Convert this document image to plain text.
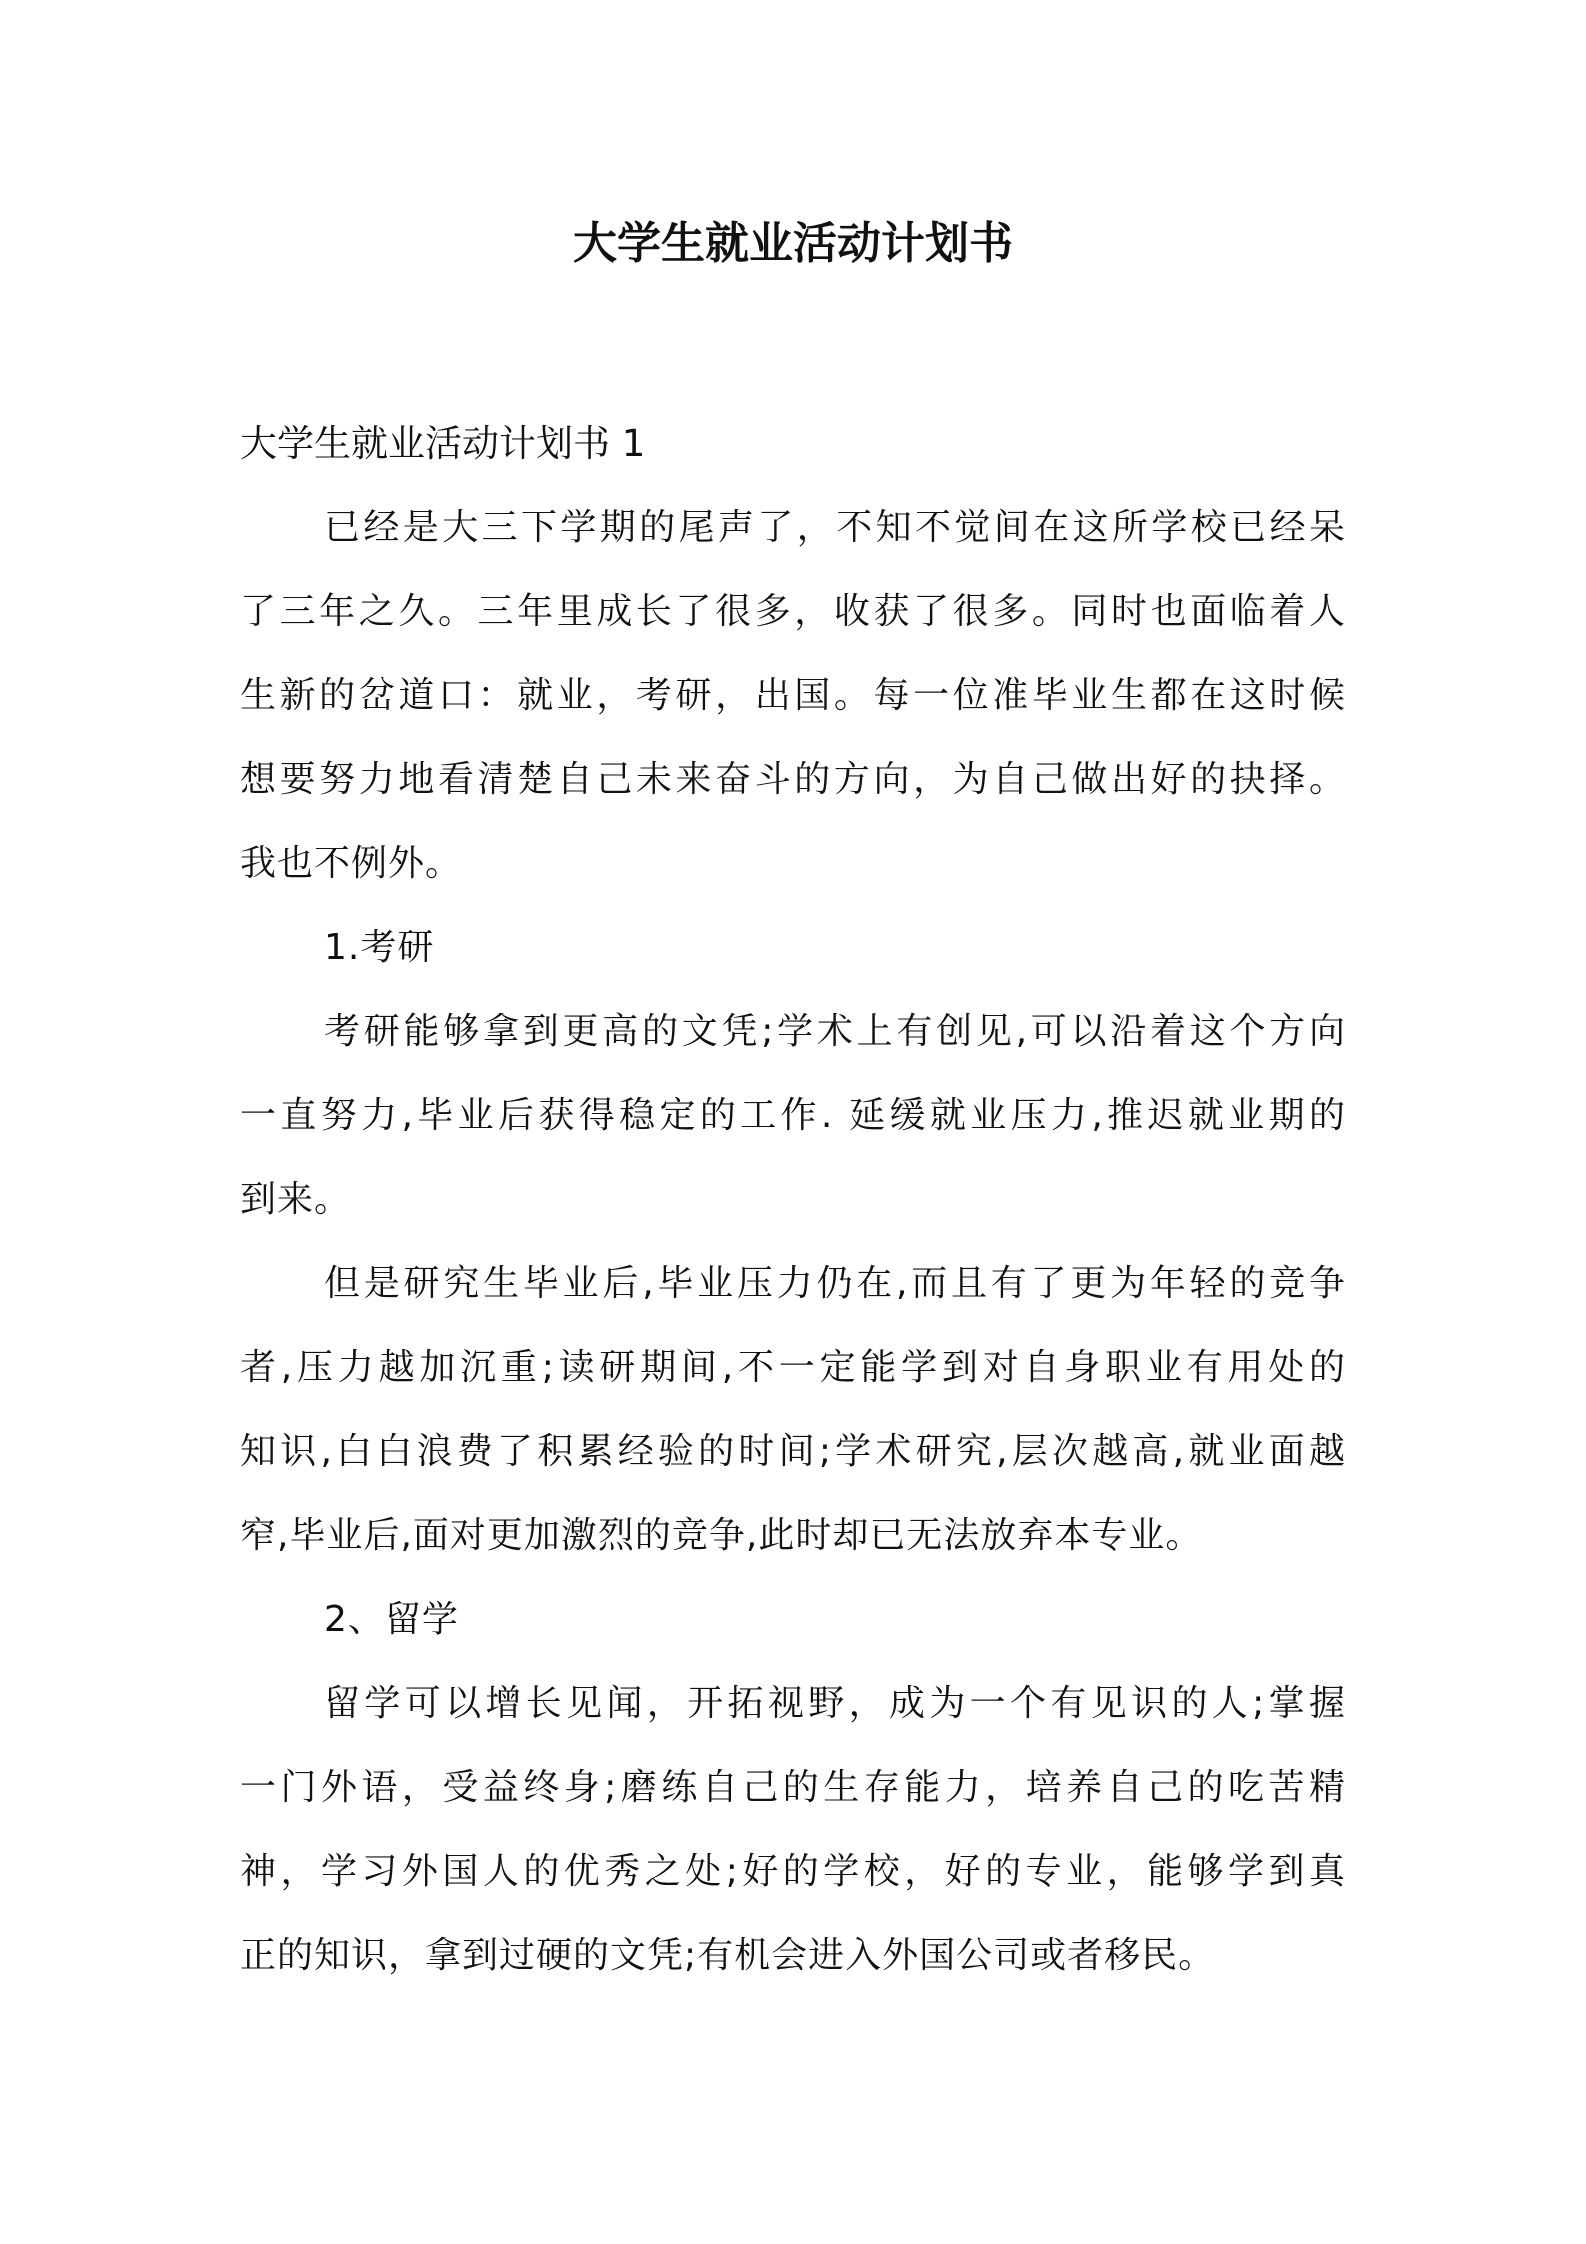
大学生就业活动计划书
大学生就业活动计划书 1
已经是大三下学期的尾声了，不知不觉间在这所学校已经呆
了三年之久。三年里成长了很多，收获了很多。同时也面临着人
生新的岔道口：就业，考研，出国。每一位准毕业生都在这时候
想要努力地看清楚自己未来奋斗的方向，为自己做出好的抉择。
我也不例外。
1.考研
考研能够拿到更高的文凭;学术上有创见,可以沿着这个方向
一直努力,毕业后获得稳定的工作. 延缓就业压力,推迟就业期的
到来。
但是研究生毕业后,毕业压力仍在,而且有了更为年轻的竞争
者,压力越加沉重;读研期间,不一定能学到对自身职业有用处的
知识,白白浪费了积累经验的时间;学术研究,层次越高,就业面越
窄,毕业后,面对更加激烈的竞争,此时却已无法放弃本专业。
2、留学
留学可以增长见闻，开拓视野，成为一个有见识的人;掌握
一门外语，受益终身;磨练自己的生存能力，培养自己的吃苦精
神，学习外国人的优秀之处;好的学校，好的专业，能够学到真
正的知识，拿到过硬的文凭;有机会进入外国公司或者移民。
